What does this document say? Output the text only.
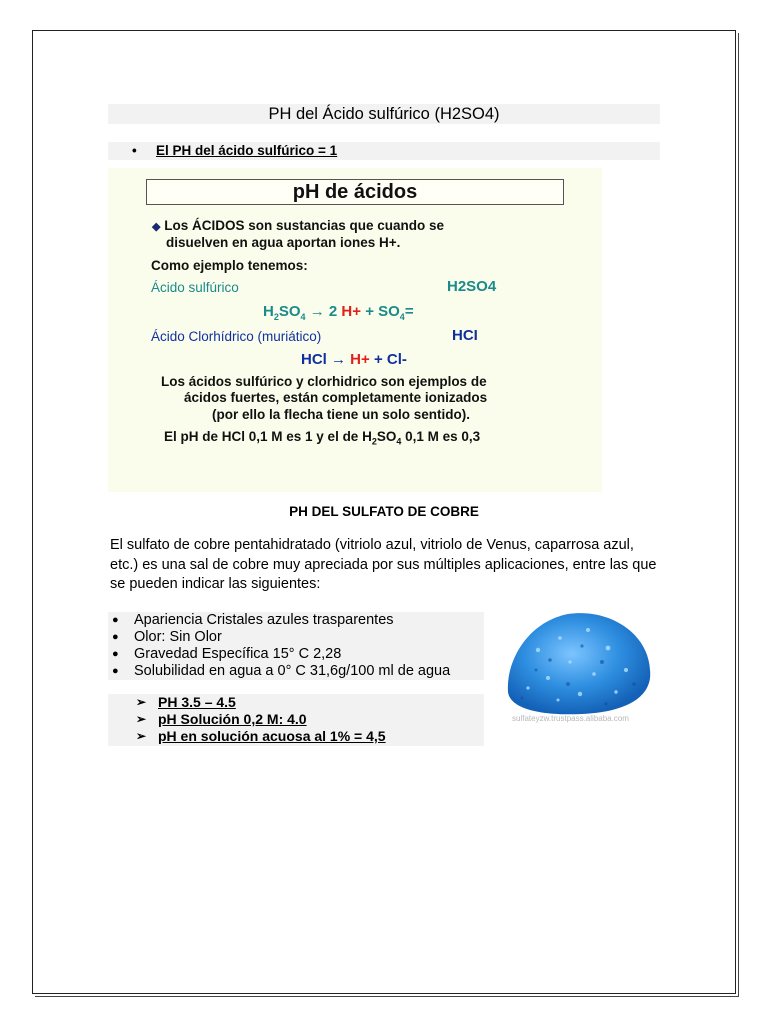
PH del Ácido sulfúrico (H2SO4)
• El PH del ácido sulfúrico = 1
pH de ácidos
◆ Los ÁCIDOS son sustancias que cuando se
disuelven en agua aportan iones H+.
Como ejemplo tenemos:
Ácido sulfúrico	H2SO4
$H_2SO_4 \to 2$ $H+ + SO_4=$
Ácido Clorhídrico (muriático)	HCI
HCl → H+ + Cl-
Los ácidos sulfúrico y clorhidrico son ejemplos de
ácidos fuertes, están completamente ionizados
(por ello la flecha tiene un solo sentido).
El pH de HCl 0,1 M es 1 y el de $H_2SO_4$ 0,1 M es 0,3
PH DEL SULFATO DE COBRE
El sulfato de cobre pentahidratado (vitriolo azul, vitriolo de Venus, caparrosa azul, etc.) es una sal de cobre muy apreciada por sus múltiples aplicaciones, entre las que se pueden indicar las siguientes:
● Apariencia Cristales azules trasparentes
● Olor: Sin Olor
● Gravedad Específica 15° C 2,28
● Solubilidad en agua a 0° C 31,6g/100 ml de agua
➢ PH 3.5 – 4.5
➢ pH Solución 0,2 M: 4.0
➢ pH en solución acuosa al 1% = 4,5
sulfateyzw.trustpass.alibaba.com
